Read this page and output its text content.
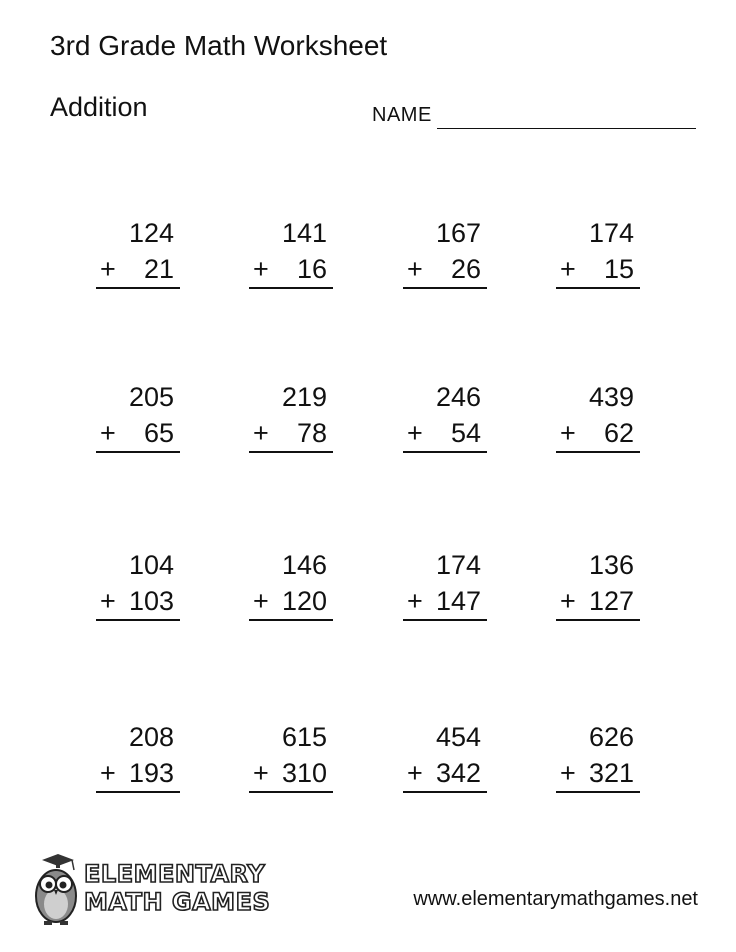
3rd Grade Math Worksheet
Addition	NAME
124
+ 21
141
+ 16
167
+ 26
174
+ 15
205
+ 65
219
+ 78
246
+ 54
439
+ 62
104
+ 103
146
+ 120
174
+ 147
136
+ 127
208
+ 193
615
+ 310
454
+ 342
626
+ 321
ELEMENTARY
MATH GAMES	www.elementarymathgames.net
